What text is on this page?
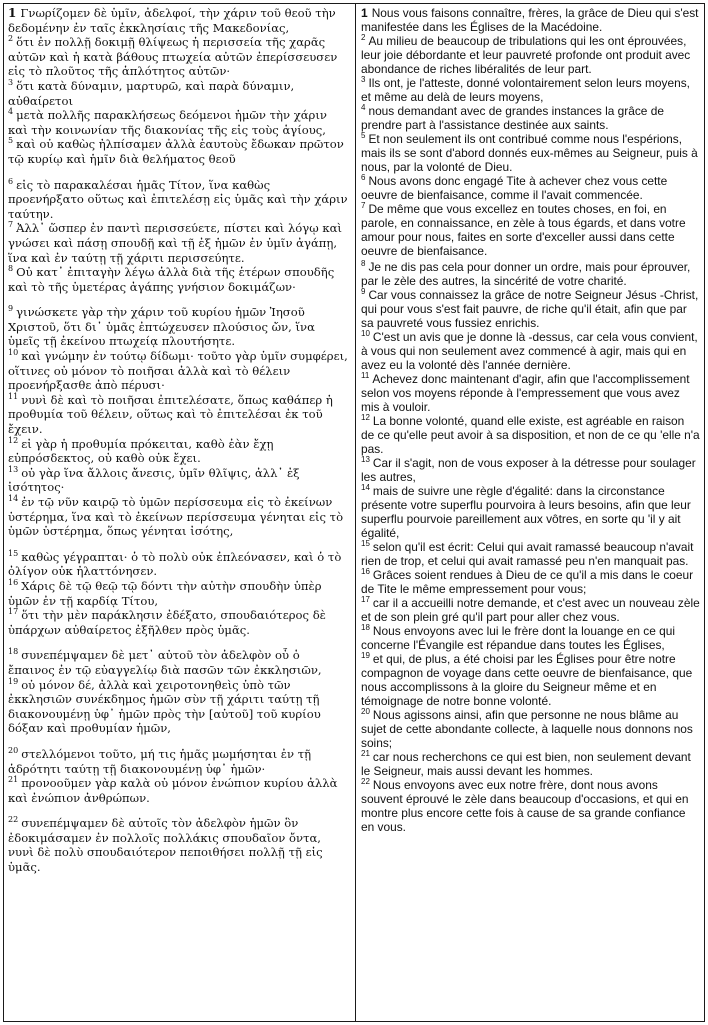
1 Γνωρίζομεν δὲ ὑμῖν, ἀδελφοί, τὴν χάριν τοῦ θεοῦ τὴν δεδομένην ἐν ταῖς ἐκκλησίαις τῆς Μακεδονίας,

$^2$ ὅτι ἐν πολλῇ δοκιμῇ θλίψεως ἡ περισσεία τῆς χαρᾶς αὐτῶν καὶ ἡ κατὰ βάθους πτωχεία αὐτῶν ἐπερίσσευσεν εἰς τὸ πλοῦτος τῆς ἁπλότητος αὐτῶν·

$^3$ ὅτι κατὰ δύναμιν, μαρτυρῶ, καὶ παρὰ δύναμιν, αὐθαίρετοι

$^4$ μετὰ πολλῆς παρακλήσεως δεόμενοι ἡμῶν τὴν χάριν καὶ τὴν κοινωνίαν τῆς διακονίας τῆς εἰς τοὺς ἁγίους,

$^5$ καὶ οὐ καθὼς ἠλπίσαμεν ἀλλὰ ἑαυτοὺς ἔδωκαν πρῶτον τῷ κυρίῳ καὶ ἡμῖν διὰ θελήματος θεοῦ

$^6$ εἰς τὸ παρακαλέσαι ἡμᾶς Τίτον, ἵνα καθὼς προενήρξατο οὕτως καὶ ἐπιτελέσῃ εἰς ὑμᾶς καὶ τὴν χάριν ταύτην.

$^7$ Ἀλλ᾽ ὥσπερ ἐν παντὶ περισσεύετε, πίστει καὶ λόγῳ καὶ γνώσει καὶ πάσῃ σπουδῇ καὶ τῇ ἐξ ἡμῶν ἐν ὑμῖν ἀγάπῃ, ἵνα καὶ ἐν ταύτῃ τῇ χάριτι περισσεύητε.

$^8$ Οὐ κατ᾽ ἐπιταγὴν λέγω ἀλλὰ διὰ τῆς ἑτέρων σπουδῆς καὶ τὸ τῆς ὑμετέρας ἀγάπης γνήσιον δοκιμάζων·

$^9$ γινώσκετε γὰρ τὴν χάριν τοῦ κυρίου ἡμῶν Ἰησοῦ Χριστοῦ, ὅτι δι᾽ ὑμᾶς ἐπτώχευσεν πλούσιος ὤν, ἵνα ὑμεῖς τῇ ἐκείνου πτωχείᾳ πλουτήσητε.

$^{10}$ καὶ γνώμην ἐν τούτῳ δίδωμι· τοῦτο γὰρ ὑμῖν συμφέρει, οἵτινες οὐ μόνον τὸ ποιῆσαι ἀλλὰ καὶ τὸ θέλειν προενήρξασθε ἀπὸ πέρυσι·

$^{11}$ νυνὶ δὲ καὶ τὸ ποιῆσαι ἐπιτελέσατε, ὅπως καθάπερ ἡ προθυμία τοῦ θέλειν, οὕτως καὶ τὸ ἐπιτελέσαι ἐκ τοῦ ἔχειν.

$^{12}$ εἰ γὰρ ἡ προθυμία πρόκειται, καθὸ ἐὰν ἔχῃ εὐπρόσδεκτος, οὐ καθὸ οὐκ ἔχει.

$^{13}$ οὐ γὰρ ἵνα ἄλλοις ἄνεσις, ὑμῖν θλῖψις, ἀλλ᾽ ἐξ ἰσότητος·

$^{14}$ ἐν τῷ νῦν καιρῷ τὸ ὑμῶν περίσσευμα εἰς τὸ ἐκείνων ὑστέρημα, ἵνα καὶ τὸ ἐκείνων περίσσευμα γένηται εἰς τὸ ὑμῶν ὑστέρημα, ὅπως γένηται ἰσότης,

$^{15}$ καθὼς γέγραπται· ὁ τὸ πολὺ οὐκ ἐπλεόνασεν, καὶ ὁ τὸ ὀλίγον οὐκ ἠλαττόνησεν.

$^{16}$ Χάρις δὲ τῷ θεῷ τῷ δόντι τὴν αὐτὴν σπουδὴν ὑπὲρ ὑμῶν ἐν τῇ καρδίᾳ Τίτου,

$^{17}$ ὅτι τὴν μὲν παράκλησιν ἐδέξατο, σπουδαιότερος δὲ ὑπάρχων αὐθαίρετος ἐξῆλθεν πρὸς ὑμᾶς.

$^{18}$ συνεπέμψαμεν δὲ μετ᾽ αὐτοῦ τὸν ἀδελφὸν οὗ ὁ ἔπαινος ἐν τῷ εὐαγγελίῳ διὰ πασῶν τῶν ἐκκλησιῶν,

$^{19}$ οὐ μόνον δέ, ἀλλὰ καὶ χειροτονηθεὶς ὑπὸ τῶν ἐκκλησιῶν συνέκδημος ἡμῶν σὺν τῇ χάριτι ταύτῃ τῇ διακονουμένῃ ὑφ᾽ ἡμῶν πρὸς τὴν [αὐτοῦ] τοῦ κυρίου δόξαν καὶ προθυμίαν ἡμῶν,

$^{20}$ στελλόμενοι τοῦτο, μή τις ἡμᾶς μωμήσηται ἐν τῇ ἁδρότητι ταύτῃ τῇ διακονουμένῃ ὑφ᾽ ἡμῶν·

$^{21}$ προνοοῦμεν γὰρ καλὰ οὐ μόνον ἐνώπιον κυρίου ἀλλὰ καὶ ἐνώπιον ἀνθρώπων.

$^{22}$ συνεπέμψαμεν δὲ αὐτοῖς τὸν ἀδελφὸν ἡμῶν ὃν ἐδοκιμάσαμεν ἐν πολλοῖς πολλάκις σπουδαῖον ὄντα, νυνὶ δὲ πολὺ σπουδαιότερον πεποιθήσει πολλῇ τῇ εἰς ὑμᾶς.

1 Nous vous faisons connaître, frères, la grâce de Dieu qui s'est manifestée dans les Églises de la Macédoine.

$^2$ Au milieu de beaucoup de tribulations qui les ont éprouvées, leur joie débordante et leur pauvreté profonde ont produit avec abondance de riches libéralités de leur part.

$^3$ Ils ont, je l'atteste, donné volontairement selon leurs moyens, et même au delà de leurs moyens,

$^4$ nous demandant avec de grandes instances la grâce de prendre part à l'assistance destinée aux saints.

$^5$ Et non seulement ils ont contribué comme nous l'espérions, mais ils se sont d'abord donnés eux-mêmes au Seigneur, puis à nous, par la volonté de Dieu.

$^6$ Nous avons donc engagé Tite à achever chez vous cette oeuvre de bienfaisance, comme il l'avait commencée.

$^7$ De même que vous excellez en toutes choses, en foi, en parole, en connaissance, en zèle à tous égards, et dans votre amour pour nous, faites en sorte d'exceller aussi dans cette oeuvre de bienfaisance.

$^8$ Je ne dis pas cela pour donner un ordre, mais pour éprouver, par le zèle des autres, la sincérité de votre charité.

$^9$ Car vous connaissez la grâce de notre Seigneur Jésus -Christ, qui pour vous s'est fait pauvre, de riche qu'il était, afin que par sa pauvreté vous fussiez enrichis.

$^{10}$ C'est un avis que je donne là -dessus, car cela vous convient, à vous qui non seulement avez commencé à agir, mais qui en avez eu la volonté dès l'année dernière.

$^{11}$ Achevez donc maintenant d'agir, afin que l'accomplissement selon vos moyens réponde à l'empressement que vous avez mis à vouloir.

$^{12}$ La bonne volonté, quand elle existe, est agréable en raison de ce qu'elle peut avoir à sa disposition, et non de ce qu 'elle n'a pas.

$^{13}$ Car il s'agit, non de vous exposer à la détresse pour soulager les autres,

$^{14}$ mais de suivre une règle d'égalité: dans la circonstance présente votre superflu pourvoira à leurs besoins, afin que leur superflu pourvoie pareillement aux vôtres, en sorte qu 'il y ait égalité,

$^{15}$ selon qu'il est écrit: Celui qui avait ramassé beaucoup n'avait rien de trop, et celui qui avait ramassé peu n'en manquait pas.

$^{16}$ Grâces soient rendues à Dieu de ce qu'il a mis dans le coeur de Tite le même empressement pour vous;

$^{17}$ car il a accueilli notre demande, et c'est avec un nouveau zèle et de son plein gré qu'il part pour aller chez vous.

$^{18}$ Nous envoyons avec lui le frère dont la louange en ce qui concerne l'Évangile est répandue dans toutes les Églises,

$^{19}$ et qui, de plus, a été choisi par les Églises pour être notre compagnon de voyage dans cette oeuvre de bienfaisance, que nous accomplissons à la gloire du Seigneur même et en témoignage de notre bonne volonté.

$^{20}$ Nous agissons ainsi, afin que personne ne nous blâme au sujet de cette abondante collecte, à laquelle nous donnons nos soins;

$^{21}$ car nous recherchons ce qui est bien, non seulement devant le Seigneur, mais aussi devant les hommes.

$^{22}$ Nous envoyons avec eux notre frère, dont nous avons souvent éprouvé le zèle dans beaucoup d'occasions, et qui en montre plus encore cette fois à cause de sa grande confiance en vous.
